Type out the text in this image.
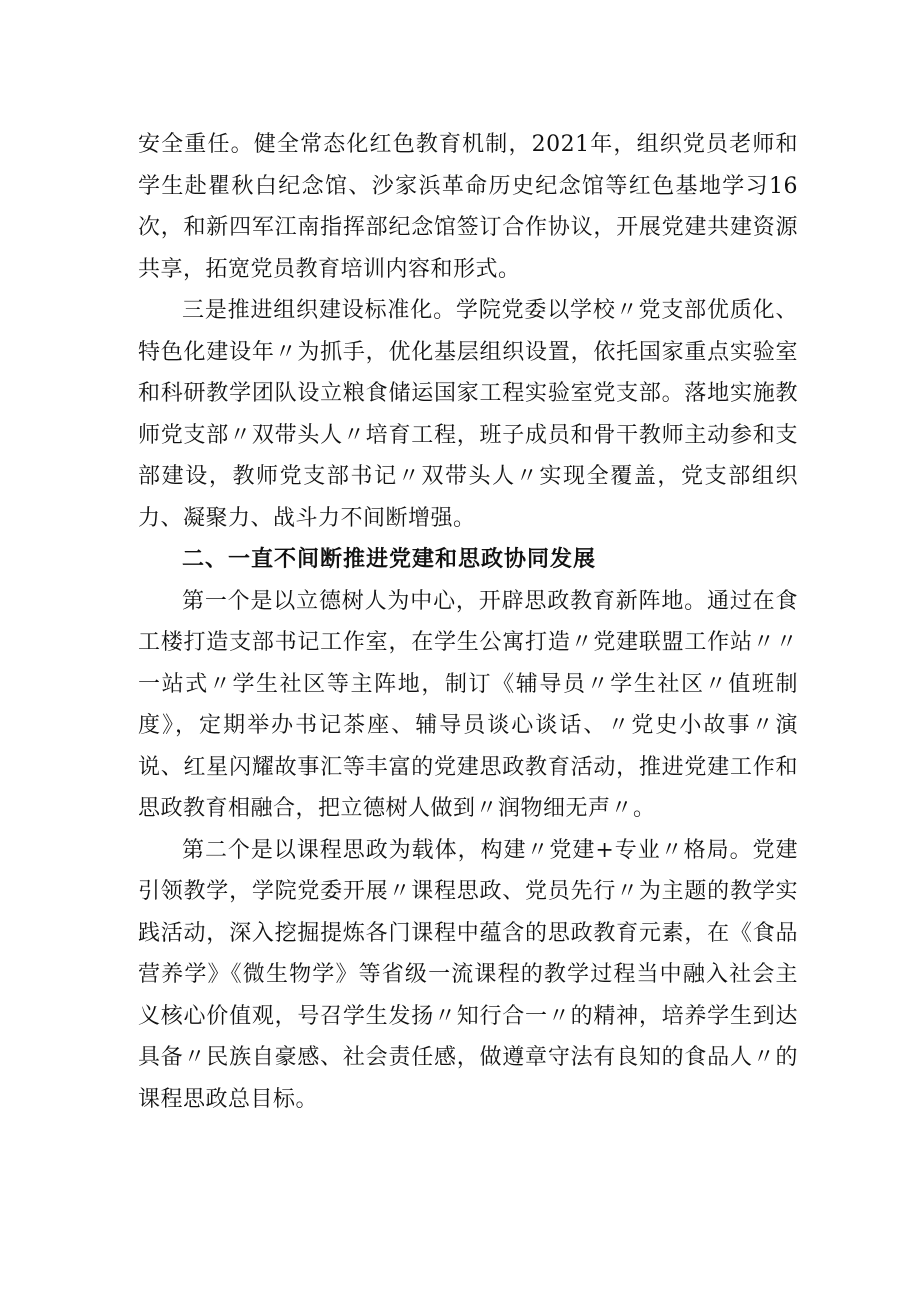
安全重任。健全常态化红色教育机制，2021年，组织党员老师和学生赴瞿秋白纪念馆、沙家浜革命历史纪念馆等红色基地学习16次，和新四军江南指挥部纪念馆签订合作协议，开展党建共建资源共享，拓宽党员教育培训内容和形式。

三是推进组织建设标准化。学院党委以学校〃党支部优质化、特色化建设年〃为抓手，优化基层组织设置，依托国家重点实验室和科研教学团队设立粮食储运国家工程实验室党支部。落地实施教师党支部〃双带头人〃培育工程，班子成员和骨干教师主动参和支部建设，教师党支部书记〃双带头人〃实现全覆盖，党支部组织力、凝聚力、战斗力不间断增强。

二、一直不间断推进党建和思政协同发展

第一个是以立德树人为中心，开辟思政教育新阵地。通过在食工楼打造支部书记工作室，在学生公寓打造〃党建联盟工作站〃〃一站式〃学生社区等主阵地，制订《辅导员〃学生社区〃值班制度》，定期举办书记茶座、辅导员谈心谈话、〃党史小故事〃演说、红星闪耀故事汇等丰富的党建思政教育活动，推进党建工作和思政教育相融合，把立德树人做到〃润物细无声〃。

第二个是以课程思政为载体，构建〃党建+专业〃格局。党建引领教学，学院党委开展〃课程思政、党员先行〃为主题的教学实践活动，深入挖掘提炼各门课程中蕴含的思政教育元素，在《食品营养学》《微生物学》等省级一流课程的教学过程当中融入社会主义核心价值观，号召学生发扬〃知行合一〃的精神，培养学生到达具备〃民族自豪感、社会责任感，做遵章守法有良知的食品人〃的课程思政总目标。
